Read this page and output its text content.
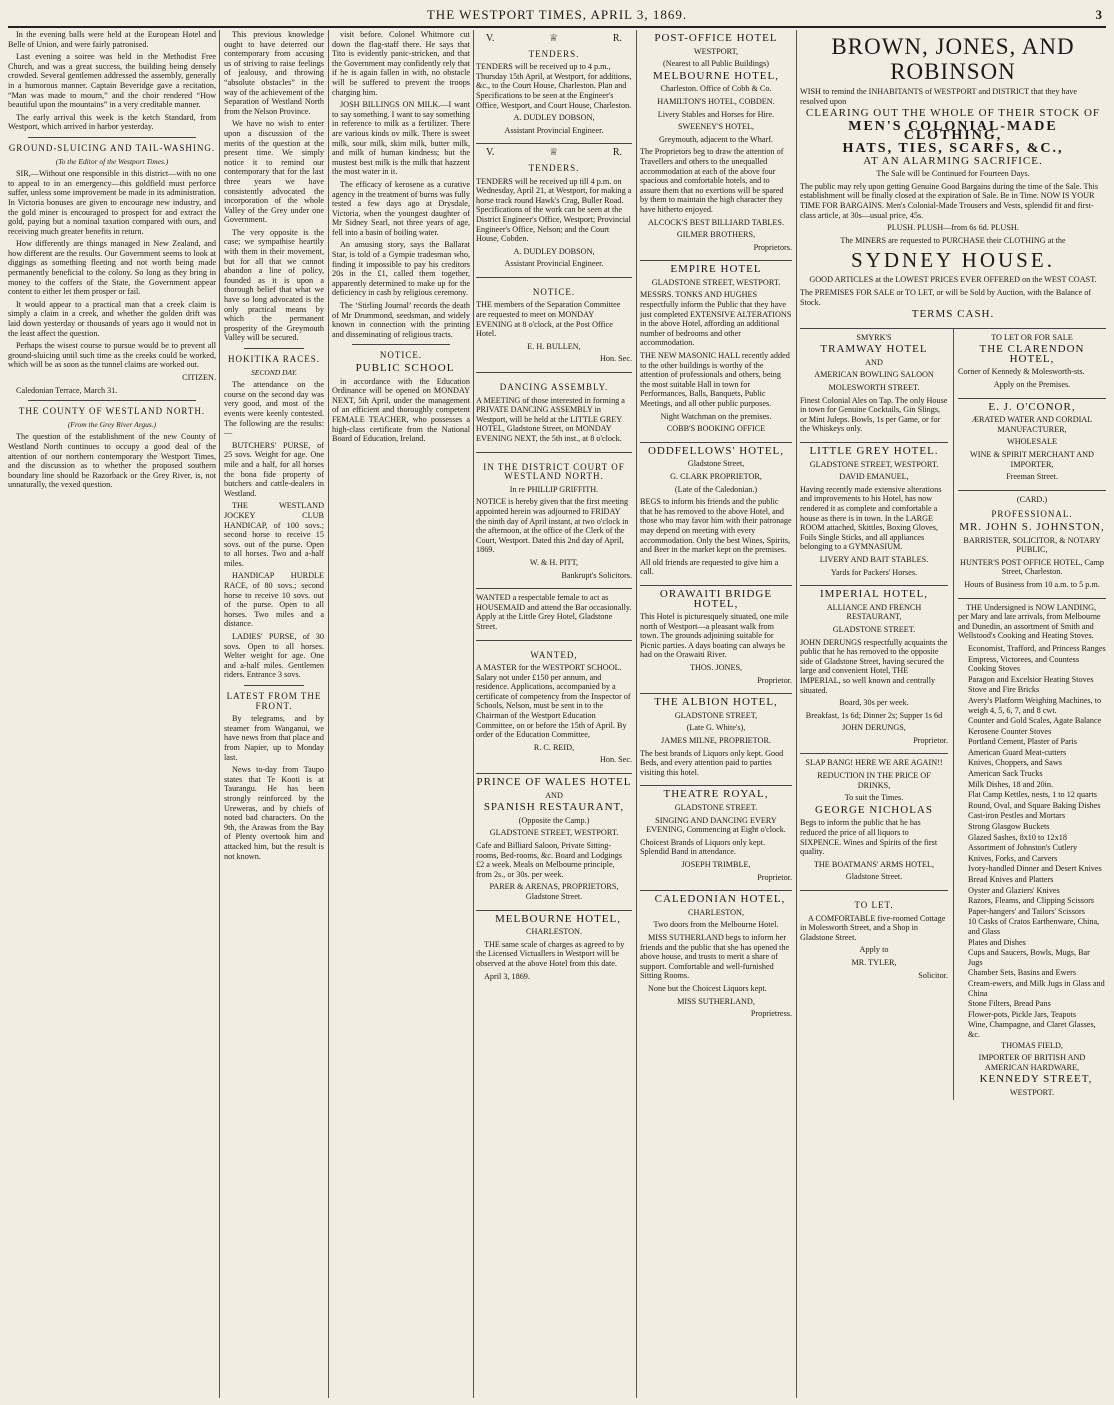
THE WESTPORT TIMES, APRIL 3, 1869.	3

In the evening balls were held at the European Hotel and Belle of Union, and were fairly patronised.

Last evening a soiree was held in the Methodist Free Church, and was a great success, the building being densely crowded. Several gentlemen addressed the assembly, generally in a humorous manner. Captain Beveridge gave a recitation, “Man was made to mourn,” and the choir rendered “How beautiful upon the mountains” in a very creditable manner.

The early arrival this week is the ketch Standard, from Westport, which arrived in harbor yesterday.

GROUND-SLUICING AND TAIL-WASHING.

(To the Editor of the Westport Times.)

SIR,—Without one responsible in this district—with no one to appeal to in an emergency—this goldfield must perforce suffer, unless some improvement be made in its administration. In Victoria bonuses are given to encourage new industry, and the gold miner is encouraged to prospect for and extract the gold, paying but a nominal taxation compared with ours, and receiving much greater benefits in return.

How differently are things managed in New Zealand, and how different are the results. Our Government seems to look at diggings as something fleeting and not worth being made permanently beneficial to the colony. So long as they bring in money to the coffers of the State, the Government appear content to either let them prosper or fail.

It would appear to a practical man that a creek claim is simply a claim in a creek, and whether the golden drift was laid down yesterday or thousands of years ago it would not in the least affect the question.

Perhaps the wisest course to pursue would be to prevent all ground-sluicing until such time as the creeks could be worked, which will be as soon as the tunnel claims are worked out.

CITIZEN.

Caledonian Terrace, March 31.

THE COUNTY OF WESTLAND NORTH.

(From the Grey River Argus.)

The question of the establishment of the new County of Westland North continues to occupy a good deal of the attention of our northern contemporary the Westport Times, and the discussion as to whether the proposed southern boundary line should be Razorback or the Grey River, is, not unnaturally, the vexed question.

This previous knowledge ought to have deterred our contemporary from accusing us of striving to raise feelings of jealousy, and throwing “absolute obstacles” in the way of the achievement of the Separation of Westland North from the Nelson Province.

We have no wish to enter upon a discussion of the merits of the question at the present time. We simply notice it to remind our contemporary that for the last three years we have consistently advocated the incorporation of the whole Valley of the Grey under one Government.

The very opposite is the case; we sympathise heartily with them in their movement, but for all that we cannot abandon a line of policy, founded as it is upon a thorough belief that what we have so long advocated is the only practical means by which the permanent prosperity of the Greymouth Valley will be secured.

HOKITIKA RACES.

SECOND DAY.

The attendance on the course on the second day was very good, and most of the events were keenly contested. The following are the results:—

BUTCHERS' PURSE, of 25 sovs. Weight for age. One mile and a half, for all horses the bona fide property of butchers and cattle-dealers in Westland.

THE WESTLAND JOCKEY CLUB HANDICAP, of 100 sovs.; second horse to receive 15 sovs. out of the purse. Open to all horses. Two and a-half miles.

HANDICAP HURDLE RACE, of 80 sovs.; second horse to receive 10 sovs. out of the purse. Open to all horses. Two miles and a distance.

LADIES' PURSE, of 30 sovs. Open to all horses. Welter weight for age. One and a-half miles. Gentlemen riders. Entrance 3 sovs.

LATEST FROM THE FRONT.

By telegrams, and by steamer from Wanganui, we have news from that place and from Napier, up to Monday last.

News to-day from Taupo states that Te Kooti is at Taurangu. He has been strongly reinforced by the Ureweras, and by chiefs of noted bad characters. On the 9th, the Arawas from the Bay of Plenty overtook him and attacked him, but the result is not known.

visit before. Colonel Whitmore cut down the flag-staff there. He says that Tito is evidently panic-stricken, and that the Government may confidently rely that if he is again fallen in with, no obstacle will be suffered to prevent the troops charging him.

JOSH BILLINGS ON MILK.—I want to say something. I want to say something in reference to milk as a fertilizer. There are various kinds ov milk. There is sweet milk, sour milk, skim milk, butter milk, and milk of human kindness; but the mustest best milk is the milk that hazzent the most water in it.

The efficacy of kerosene as a curative agency in the treatment of burns was fully tested a few days ago at Drysdale, Victoria, when the youngest daughter of Mr Sidney Searl, not three years of age, fell into a basin of boiling water.

An amusing story, says the Ballarat Star, is told of a Gympie tradesman who, finding it impossible to pay his creditors 20s in the £1, called them together, apparently determined to make up for the deficiency in cash by religious ceremony.

The ‘Stirling Journal’ records the death of Mr Drummond, seedsman, and widely known in connection with the printing and disseminating of religious tracts.

NOTICE.

PUBLIC SCHOOL

in accordance with the Education Ordinance will be opened on MONDAY NEXT, 5th April, under the management of an efficient and thoroughly competent FEMALE TEACHER, who possesses a high-class certificate from the National Board of Education, Ireland.

V.	♕	R.

TENDERS.

TENDERS will be received up to 4 p.m., Thursday 15th April, at Westport, for additions, &c., to the Court House, Charleston. Plan and Specifications to be seen at the Engineer's Office, Westport, and Court House, Charleston.

A. DUDLEY DOBSON,

Assistant Provincial Engineer.

V.	♕	R.

TENDERS.

TENDERS will be received up till 4 p.m. on Wednesday, April 21, at Westport, for making a horse track round Hawk's Crag, Buller Road. Specifications of the work can be seen at the District Engineer's Office, Westport; Provincial Engineer's Office, Nelson; and the Court House, Cobden.

A. DUDLEY DOBSON,

Assistant Provincial Engineer.

NOTICE.

THE members of the Separation Committee are requested to meet on MONDAY EVENING at 8 o'clock, at the Post Office Hotel.

E. H. BULLEN,

Hon. Sec.

DANCING ASSEMBLY.

A MEETING of those interested in forming a PRIVATE DANCING ASSEMBLY in Westport, will be held at the LITTLE GREY HOTEL, Gladstone Street, on MONDAY EVENING NEXT, the 5th inst., at 8 o'clock.

IN THE DISTRICT COURT OF WESTLAND NORTH.

In re PHILLIP GRIFFITH.

NOTICE is hereby given that the first meeting appointed herein was adjourned to FRIDAY the ninth day of April instant, at two o'clock in the afternoon, at the office of the Clerk of the Court, Westport. Dated this 2nd day of April, 1869.

W. & H. PITT,

Bankrupt's Solicitors.

WANTED a respectable female to act as HOUSEMAID and attend the Bar occasionally. Apply at the Little Grey Hotel, Gladstone Street.

WANTED,

A MASTER for the WESTPORT SCHOOL. Salary not under £150 per annum, and residence. Applications, accompanied by a certificate of competency from the Inspector of Schools, Nelson, must be sent in to the Chairman of the Westport Education Committee, on or before the 15th of April. By order of the Education Committee,

R. C. REID,

Hon. Sec.

PRINCE OF WALES HOTEL

AND

SPANISH RESTAURANT,

(Opposite the Camp.)

GLADSTONE STREET, WESTPORT.

Cafe and Billiard Saloon, Private Sitting-rooms, Bed-rooms, &c. Board and Lodgings £2 a week. Meals on Melbourne principle, from 2s., or 30s. per week.

PARER & ARENAS, PROPRIETORS, Gladstone Street.

MELBOURNE HOTEL,

CHARLESTON.

THE same scale of charges as agreed to by the Licensed Victuallers in Westport will be observed at the above Hotel from this date.

April 3, 1869.

POST-OFFICE HOTEL

WESTPORT,

(Nearest to all Public Buildings)

MELBOURNE HOTEL,

Charleston. Office of Cobb & Co.

HAMILTON'S HOTEL, COBDEN.

Livery Stables and Horses for Hire.

SWEENEY'S HOTEL,

Greymouth, adjacent to the Wharf.

The Proprietors beg to draw the attention of Travellers and others to the unequalled accommodation at each of the above four spacious and comfortable hotels, and to assure them that no exertions will be spared by them to maintain the high character they have hitherto enjoyed.

ALCOCK'S BEST BILLIARD TABLES.

GILMER BROTHERS,

Proprietors.

EMPIRE HOTEL

GLADSTONE STREET, WESTPORT.

MESSRS. TONKS AND HUGHES respectfully inform the Public that they have just completed EXTENSIVE ALTERATIONS in the above Hotel, affording an additional number of bedrooms and other accommodation.

THE NEW MASONIC HALL recently added to the other buildings is worthy of the attention of professionals and others, being the most suitable Hall in town for Performances, Balls, Banquets, Public Meetings, and all other public purposes.

Night Watchman on the premises.

COBB'S BOOKING OFFICE

ODDFELLOWS' HOTEL,

Gladstone Street,

G. CLARK PROPRIETOR,

(Late of the Caledonian.)

BEGS to inform his friends and the public that he has removed to the above Hotel, and those who may favor him with their patronage may depend on meeting with every accommodation. Only the best Wines, Spirits, and Beer in the market kept on the premises.

All old friends are requested to give him a call.

ORAWAITI BRIDGE HOTEL,

This Hotel is picturesquely situated, one mile north of Westport—a pleasant walk from town. The grounds adjoining suitable for Picnic parties. A days boating can always be had on the Orawaiti River.

THOS. JONES,

Proprietor.

THE ALBION HOTEL,

GLADSTONE STREET,

(Late G. White's),

JAMES MILNE, PROPRIETOR.

The best brands of Liquors only kept. Good Beds, and every attention paid to parties visiting this hotel.

THEATRE ROYAL,

GLADSTONE STREET.

SINGING AND DANCING EVERY EVENING, Commencing at Eight o'clock.

Choicest Brands of Liquors only kept. Splendid Band in attendance.

JOSEPH TRIMBLE,

Proprietor.

CALEDONIAN HOTEL,

CHARLESTON,

Two doors from the Melbourne Hotel.

MISS SUTHERLAND begs to inform her friends and the public that she has opened the above house, and trusts to merit a share of support. Comfortable and well-furnished Sitting Rooms.

None but the Choicest Liquors kept.

MISS SUTHERLAND,

Proprietress.

BROWN, JONES, AND ROBINSON

WISH to remind the INHABITANTS of WESTPORT and DISTRICT that they have resolved upon

CLEARING OUT THE WHOLE OF THEIR STOCK OF

MEN'S COLONIAL-MADE CLOTHING,

HATS, TIES, SCARFS, &C.,

AT AN ALARMING SACRIFICE.

The Sale will be Continued for Fourteen Days.

The public may rely upon getting Genuine Good Bargains during the time of the Sale. This establishment will be finally closed at the expiration of Sale. Be in Time. NOW IS YOUR TIME FOR BARGAINS. Men's Colonial-Made Trousers and Vests, splendid fit and first-class article, at 30s—usual price, 45s.

PLUSH. PLUSH—from 6s 6d. PLUSH.

The MINERS are requested to PURCHASE their CLOTHING at the

SYDNEY HOUSE.

GOOD ARTICLES at the LOWEST PRICES EVER OFFERED on the WEST COAST.

The PREMISES FOR SALE or TO LET, or will be Sold by Auction, with the Balance of Stock.

TERMS CASH.

SMYRK'S

TRAMWAY HOTEL

AND

AMERICAN BOWLING SALOON

MOLESWORTH STREET.

Finest Colonial Ales on Tap. The only House in town for Genuine Cocktails, Gin Slings, or Mint Juleps. Bowls, 1s per Game, or for the Whiskeys only.

LITTLE GREY HOTEL.

GLADSTONE STREET, WESTPORT.

DAVID EMANUEL,

Having recently made extensive alterations and improvements to his Hotel, has now rendered it as complete and comfortable a house as there is in town. In the LARGE ROOM attached, Skittles, Boxing Gloves, Foils Single Sticks, and all appliances belonging to a GYMNASIUM.

LIVERY AND BAIT STABLES.

Yards for Packers' Horses.

IMPERIAL HOTEL,

ALLIANCE AND FRENCH RESTAURANT,

GLADSTONE STREET.

JOHN DERUNGS respectfully acquaints the public that he has removed to the opposite side of Gladstone Street, having secured the large and convenient Hotel, THE IMPERIAL, so well known and centrally situated.

Board, 30s per week.

Breakfast, 1s 6d; Dinner 2s; Supper 1s 6d

JOHN DERUNGS,

Proprietor.

SLAP BANG! HERE WE ARE AGAIN!!

REDUCTION IN THE PRICE OF DRINKS,

To suit the Times.

GEORGE NICHOLAS

Begs to inform the public that he has reduced the price of all liquors to SIXPENCE. Wines and Spirits of the first quality.

THE BOATMANS' ARMS HOTEL,

Gladstone Street.

TO LET.

A COMFORTABLE five-roomed Cottage in Molesworth Street, and a Shop in Gladstone Street.

Apply to

MR. TYLER,

Solicitor.

TO LET OR FOR SALE

THE CLARENDON HOTEL,

Corner of Kennedy & Molesworth-sts.

Apply on the Premises.

E. J. O'CONOR,

ÆRATED WATER AND CORDIAL MANUFACTURER,

WHOLESALE

WINE & SPIRIT MERCHANT AND IMPORTER,

Freeman Street.

(CARD.)

PROFESSIONAL.

MR. JOHN S. JOHNSTON,

BARRISTER, SOLICITOR, & NOTARY PUBLIC,

HUNTER'S POST OFFICE HOTEL, Camp Street, Charleston.

Hours of Business from 10 a.m. to 5 p.m.

THE Undersigned is NOW LANDING, per Mary and late arrivals, from Melbourne and Dunedin, an assortment of Smith and Wellstood's Cooking and Heating Stoves.

Economist, Trafford, and Princess Ranges

Empress, Victorees, and Countess Cooking Stoves

Paragon and Excelsior Heating Stoves

Stove and Fire Bricks

Avery's Platform Weighing Machines, to weigh 4, 5, 6, 7, and 8 cwt.

Counter and Gold Scales, Agate Balance

Kerosene Counter Stoves

Portland Cement, Plaster of Paris

American Guard Meat-cutters

Knives, Choppers, and Saws

American Sack Trucks

Milk Dishes, 18 and 20in.

Flat Camp Kettles, nests, 1 to 12 quarts

Round, Oval, and Square Baking Dishes

Cast-iron Pestles and Mortars

Strong Glasgow Buckets

Glazed Sashes, 8x10 to 12x18

Assortment of Johnston's Cutlery

Knives, Forks, and Carvers

Ivory-handled Dinner and Desert Knives

Bread Knives and Platters

Oyster and Glaziers' Knives

Razors, Fleams, and Clipping Scissors

Paper-hangers' and Tailors' Scissors

10 Casks of Cratos Earthenware, China, and Glass

Plates and Dishes

Cups and Saucers, Bowls, Mugs, Bar Jugs

Chamber Sets, Basins and Ewers

Cream-ewers, and Milk Jugs in Glass and China

Stone Filters, Bread Pans

Flower-pots, Pickle Jars, Teapots

Wine, Champagne, and Claret Glasses, &c.

THOMAS FIELD,

IMPORTER OF BRITISH AND AMERICAN HARDWARE,

KENNEDY STREET,

WESTPORT.
